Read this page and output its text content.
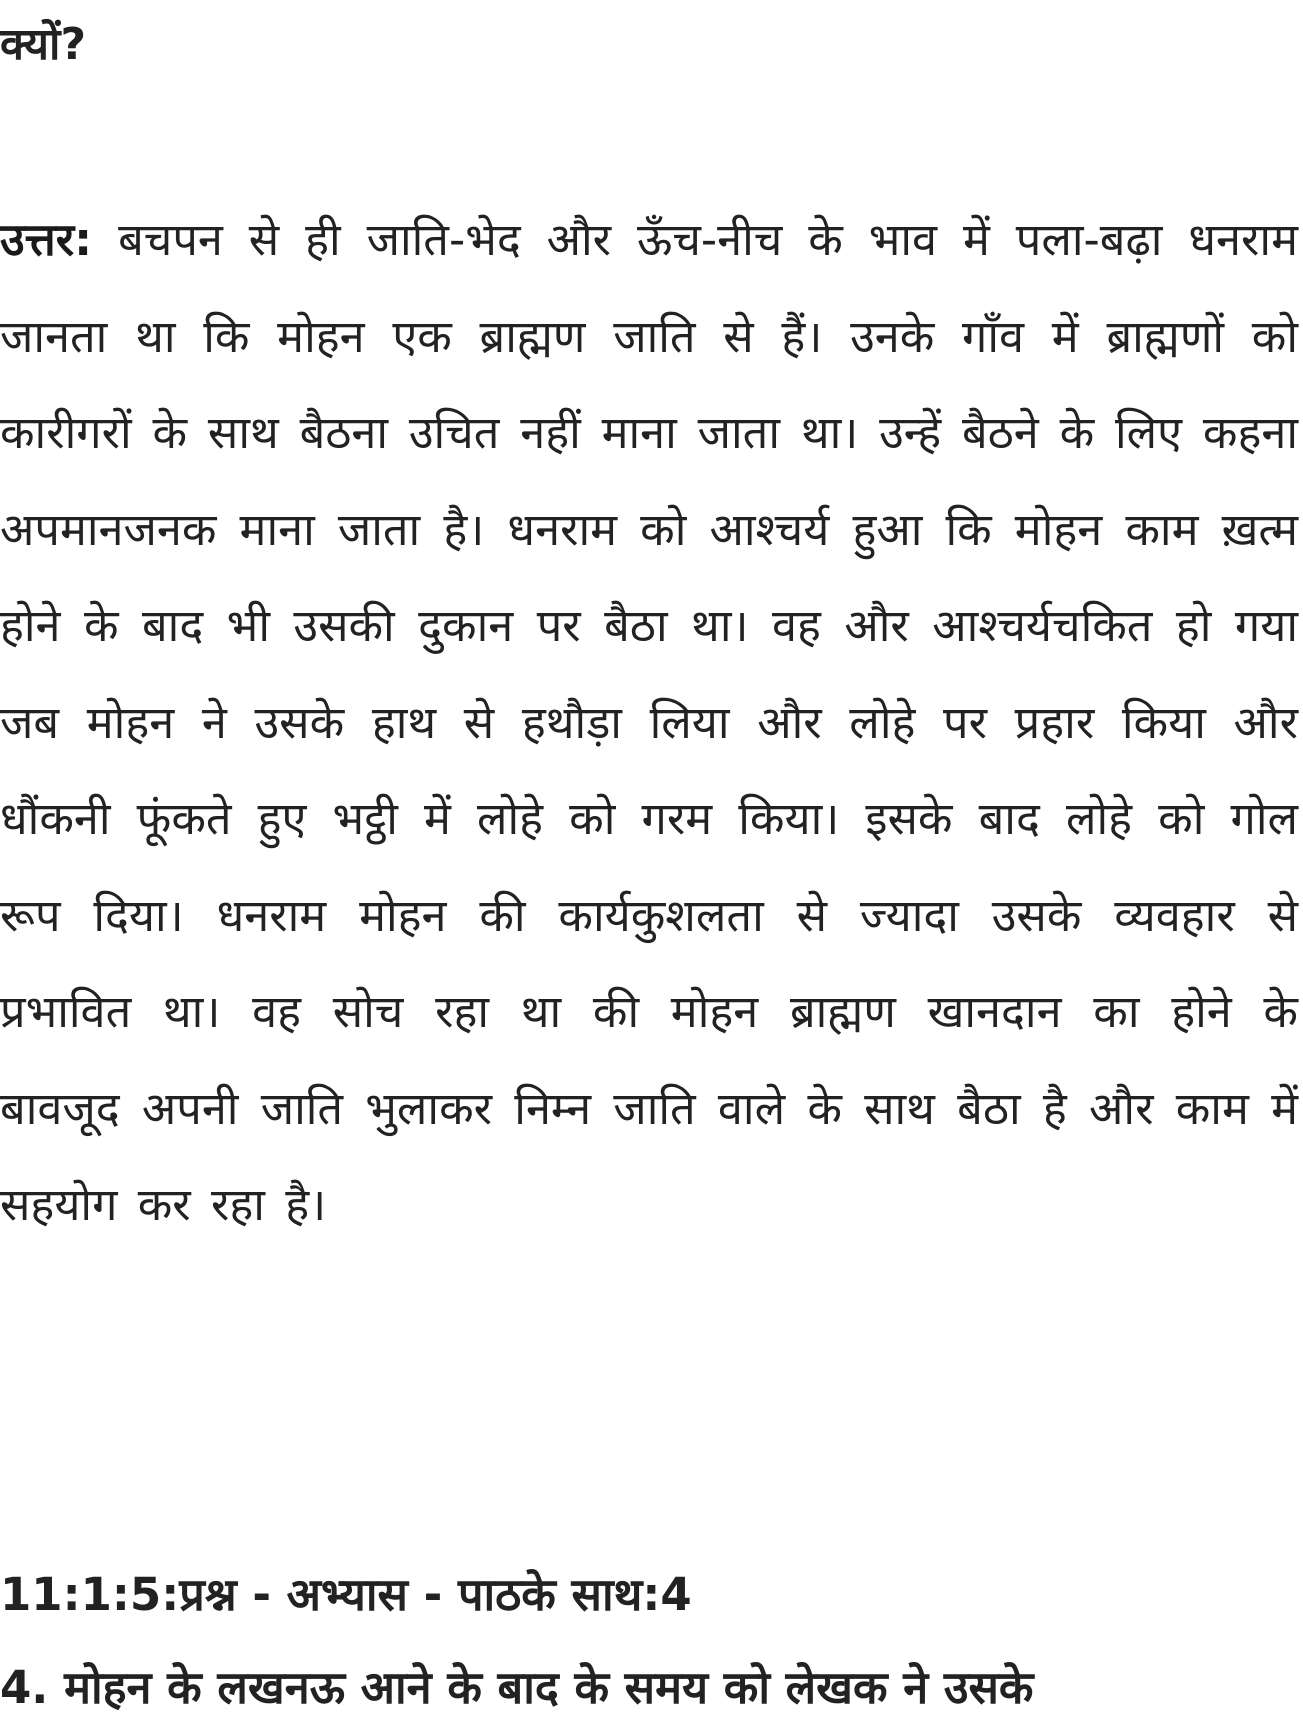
क्यों?

उत्तर: बचपन से ही जाति-भेद और ऊँच-नीच के भाव में पला-बढ़ा धनराम जानता था कि मोहन एक ब्राह्मण जाति से हैं। उनके गाँव में ब्राह्मणों को कारीगरों के साथ बैठना उचित नहीं माना जाता था। उन्हें बैठने के लिए कहना अपमानजनक माना जाता है। धनराम को आश्चर्य हुआ कि मोहन काम ख़त्म होने के बाद भी उसकी दुकान पर बैठा था। वह और आश्चर्यचकित हो गया जब मोहन ने उसके हाथ से हथौड़ा लिया और लोहे पर प्रहार किया और धौंकनी फूंकते हुए भट्ठी में लोहे को गरम किया। इसके बाद लोहे को गोल रूप दिया। धनराम मोहन की कार्यकुशलता से ज्यादा उसके व्यवहार से प्रभावित था। वह सोच रहा था की मोहन ब्राह्मण खानदान का होने के बावजूद अपनी जाति भुलाकर निम्न जाति वाले के साथ बैठा है और काम में सहयोग कर रहा है।

11:1:5:प्रश्न - अभ्यास - पाठके साथ:4

4. मोहन के लखनऊ आने के बाद के समय को लेखक ने उसके
